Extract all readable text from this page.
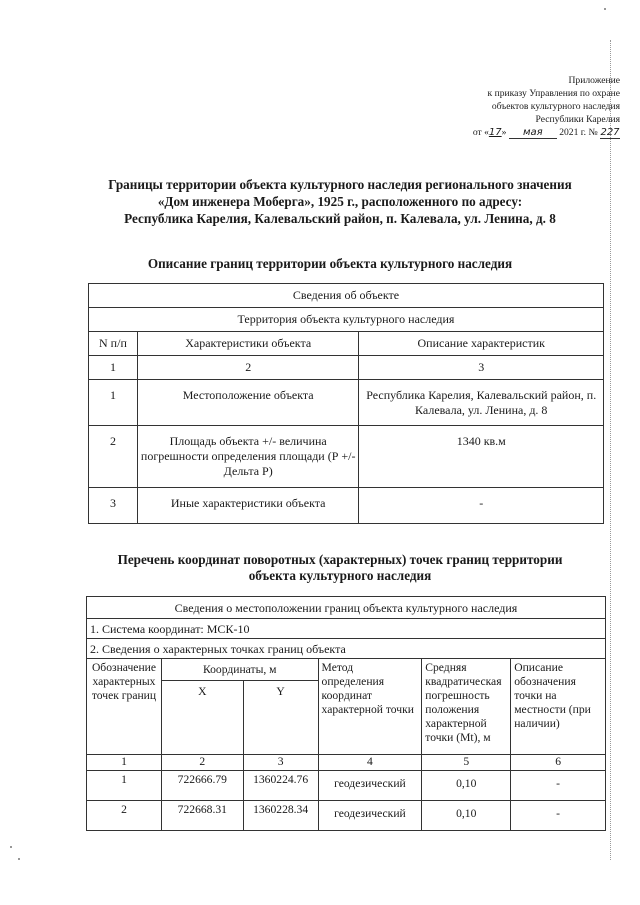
Приложение
к приказу Управления по охране
объектов культурного наследия
Республики Карелия
от «17» мая 2021 г. № 227
Границы территории объекта культурного наследия регионального значения
«Дом инженера Моберга», 1925 г., расположенного по адресу:
Республика Карелия, Калевальский район, п. Калевала, ул. Ленина, д. 8
Описание границ территории объекта культурного наследия
Сведения об объекте		
Территория объекта культурного наследия		
N п/п	Характеристики объекта	Описание характеристик
1	2	3
1	Местоположение объекта	Республика Карелия, Калевальский район, п. Калевала, ул. Ленина, д. 8
2	Площадь объекта +/- величина погрешности определения площади (Р +/- Дельта Р)	1340 кв.м
3	Иные характеристики объекта	-
Перечень координат поворотных (характерных) точек границ территории
объекта культурного наследия
Сведения о местоположении границ объекта культурного наследия					
1. Система координат: МСК-10					
2. Сведения о характерных точках границ объекта					
Обозначение характерных точек границ	Координаты, м		Метод определения координат характерной точки	Средняя квадратическая погрешность положения характерной точки (Mt), м	Описание обозначения точки на местности (при наличии)
	X	Y			
1	2	3	4	5	6
1	722666.79	1360224.76	геодезический	0,10	-
2	722668.31	1360228.34	геодезический	0,10	-
